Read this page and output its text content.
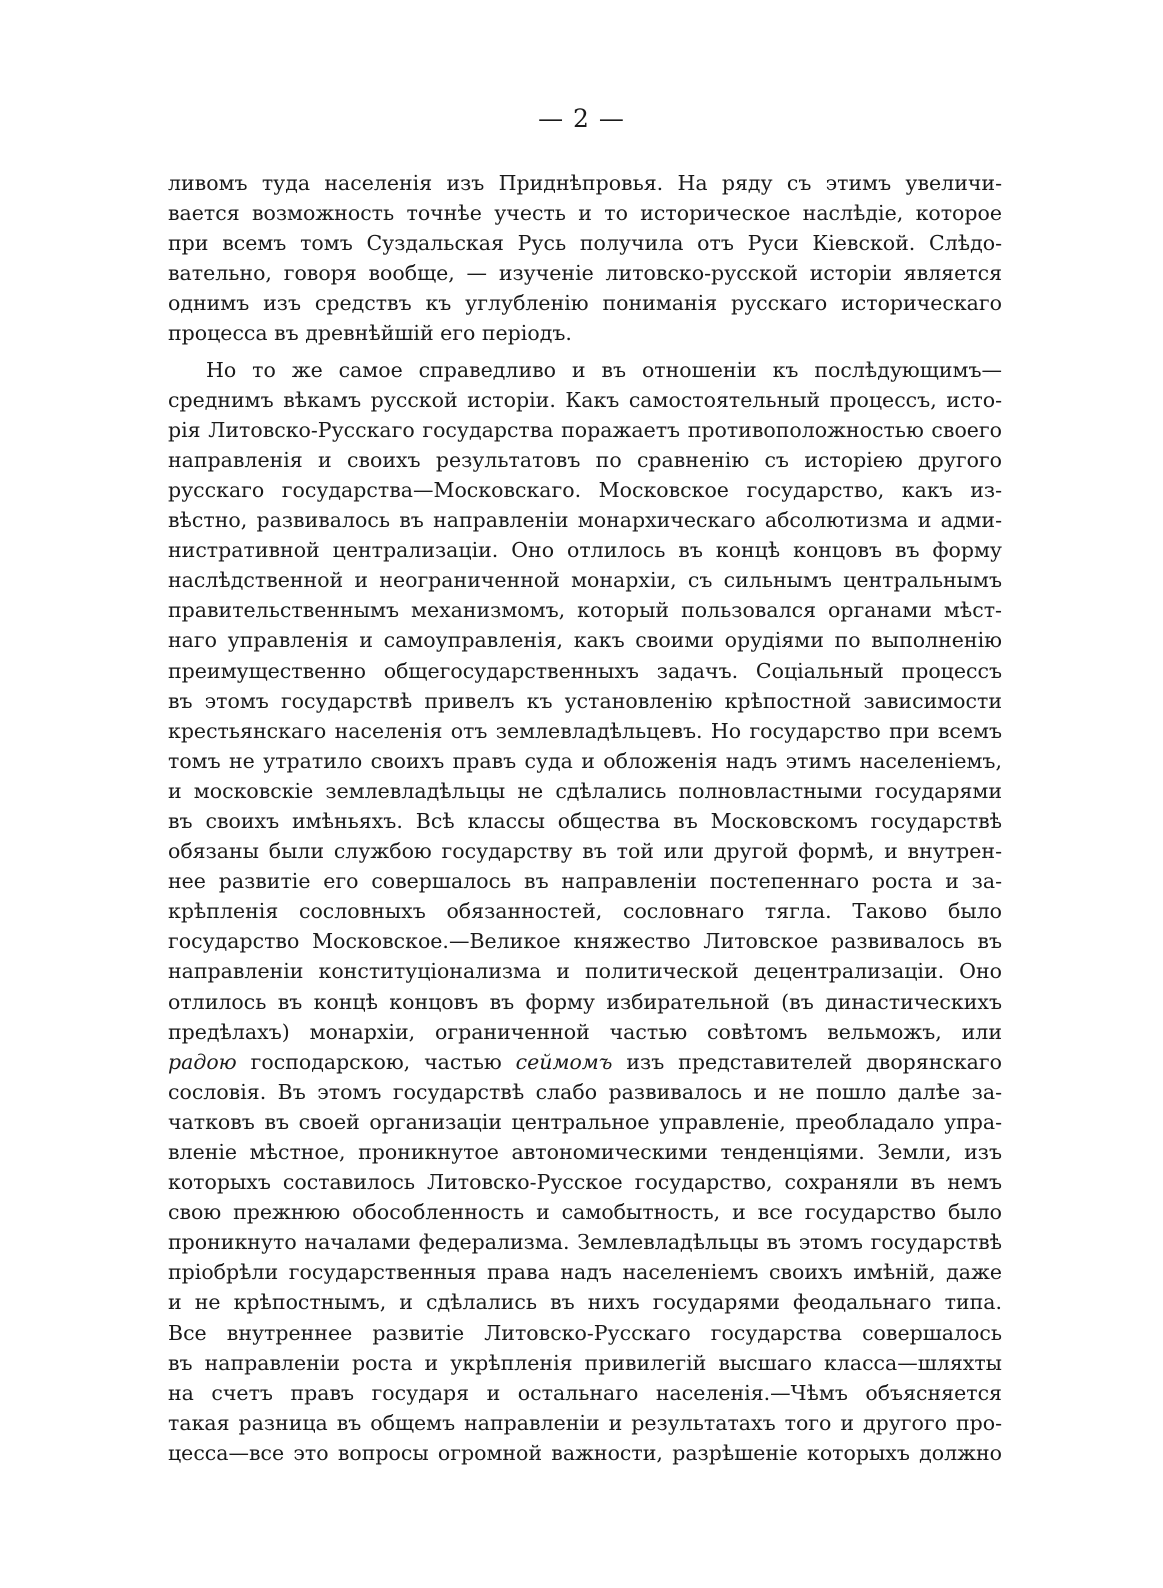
— 2 —
ливомъ туда населенія изъ Приднѣпровья. На ряду съ этимъ увеличи-
вается возможность точнѣе учесть и то историческое наслѣдіе, которое
при всемъ томъ Суздальская Русь получила отъ Руси Кіевской. Слѣдо-
вательно, говоря вообще, — изученіе литовско-русской исторіи является
однимъ изъ средствъ къ углубленію пониманія русскаго историческаго
процесса въ древнѣйшій его періодъ.
Но то же самое справедливо и въ отношеніи къ послѣдующимъ—
среднимъ вѣкамъ русской исторіи. Какъ самостоятельный процессъ, исто-
рія Литовско-Русскаго государства поражаетъ противоположностью своего
направленія и своихъ результатовъ по сравненію съ исторіею другого
русскаго государства—Московскаго. Московское государство, какъ из-
вѣстно, развивалось въ направленіи монархическаго абсолютизма и адми-
нистративной централизаціи. Оно отлилось въ концѣ концовъ въ форму
наслѣдственной и неограниченной монархіи, съ сильнымъ центральнымъ
правительственнымъ механизмомъ, который пользовался органами мѣст-
наго управленія и самоуправленія, какъ своими орудіями по выполненію
преимущественно общегосударственныхъ задачъ. Соціальный процессъ
въ этомъ государствѣ привелъ къ установленію крѣпостной зависимости
крестьянскаго населенія отъ землевладѣльцевъ. Но государство при всемъ
томъ не утратило своихъ правъ суда и обложенія надъ этимъ населеніемъ,
и московскіе землевладѣльцы не сдѣлались полновластными государями
въ своихъ имѣньяхъ. Всѣ классы общества въ Московскомъ государствѣ
обязаны были службою государству въ той или другой формѣ, и внутрен-
нее развитіе его совершалось въ направленіи постепеннаго роста и за-
крѣпленія сословныхъ обязанностей, сословнаго тягла. Таково было
государство Московское.—Великое княжество Литовское развивалось въ
направленіи конституціонализма и политической децентрализаціи. Оно
отлилось въ концѣ концовъ въ форму избирательной (въ династическихъ
предѣлахъ) монархіи, ограниченной частью совѣтомъ вельможъ, или
радою господарскою, частью сеймомъ изъ представителей дворянскаго
сословія. Въ этомъ государствѣ слабо развивалось и не пошло далѣе за-
чатковъ въ своей организаціи центральное управленіе, преобладало упра-
вленіе мѣстное, проникнутое автономическими тенденціями. Земли, изъ
которыхъ составилось Литовско-Русское государство, сохраняли въ немъ
свою прежнюю обособленность и самобытность, и все государство было
проникнуто началами федерализма. Землевладѣльцы въ этомъ государствѣ
пріобрѣли государственныя права надъ населеніемъ своихъ имѣній, даже
и не крѣпостнымъ, и сдѣлались въ нихъ государями феодальнаго типа.
Все внутреннее развитіе Литовско-Русскаго государства совершалось
въ направленіи роста и укрѣпленія привилегій высшаго класса—шляхты
на счетъ правъ государя и остальнаго населенія.—Чѣмъ объясняется
такая разница въ общемъ направленіи и результатахъ того и другого про-
цесса—все это вопросы огромной важности, разрѣшеніе которыхъ должно
